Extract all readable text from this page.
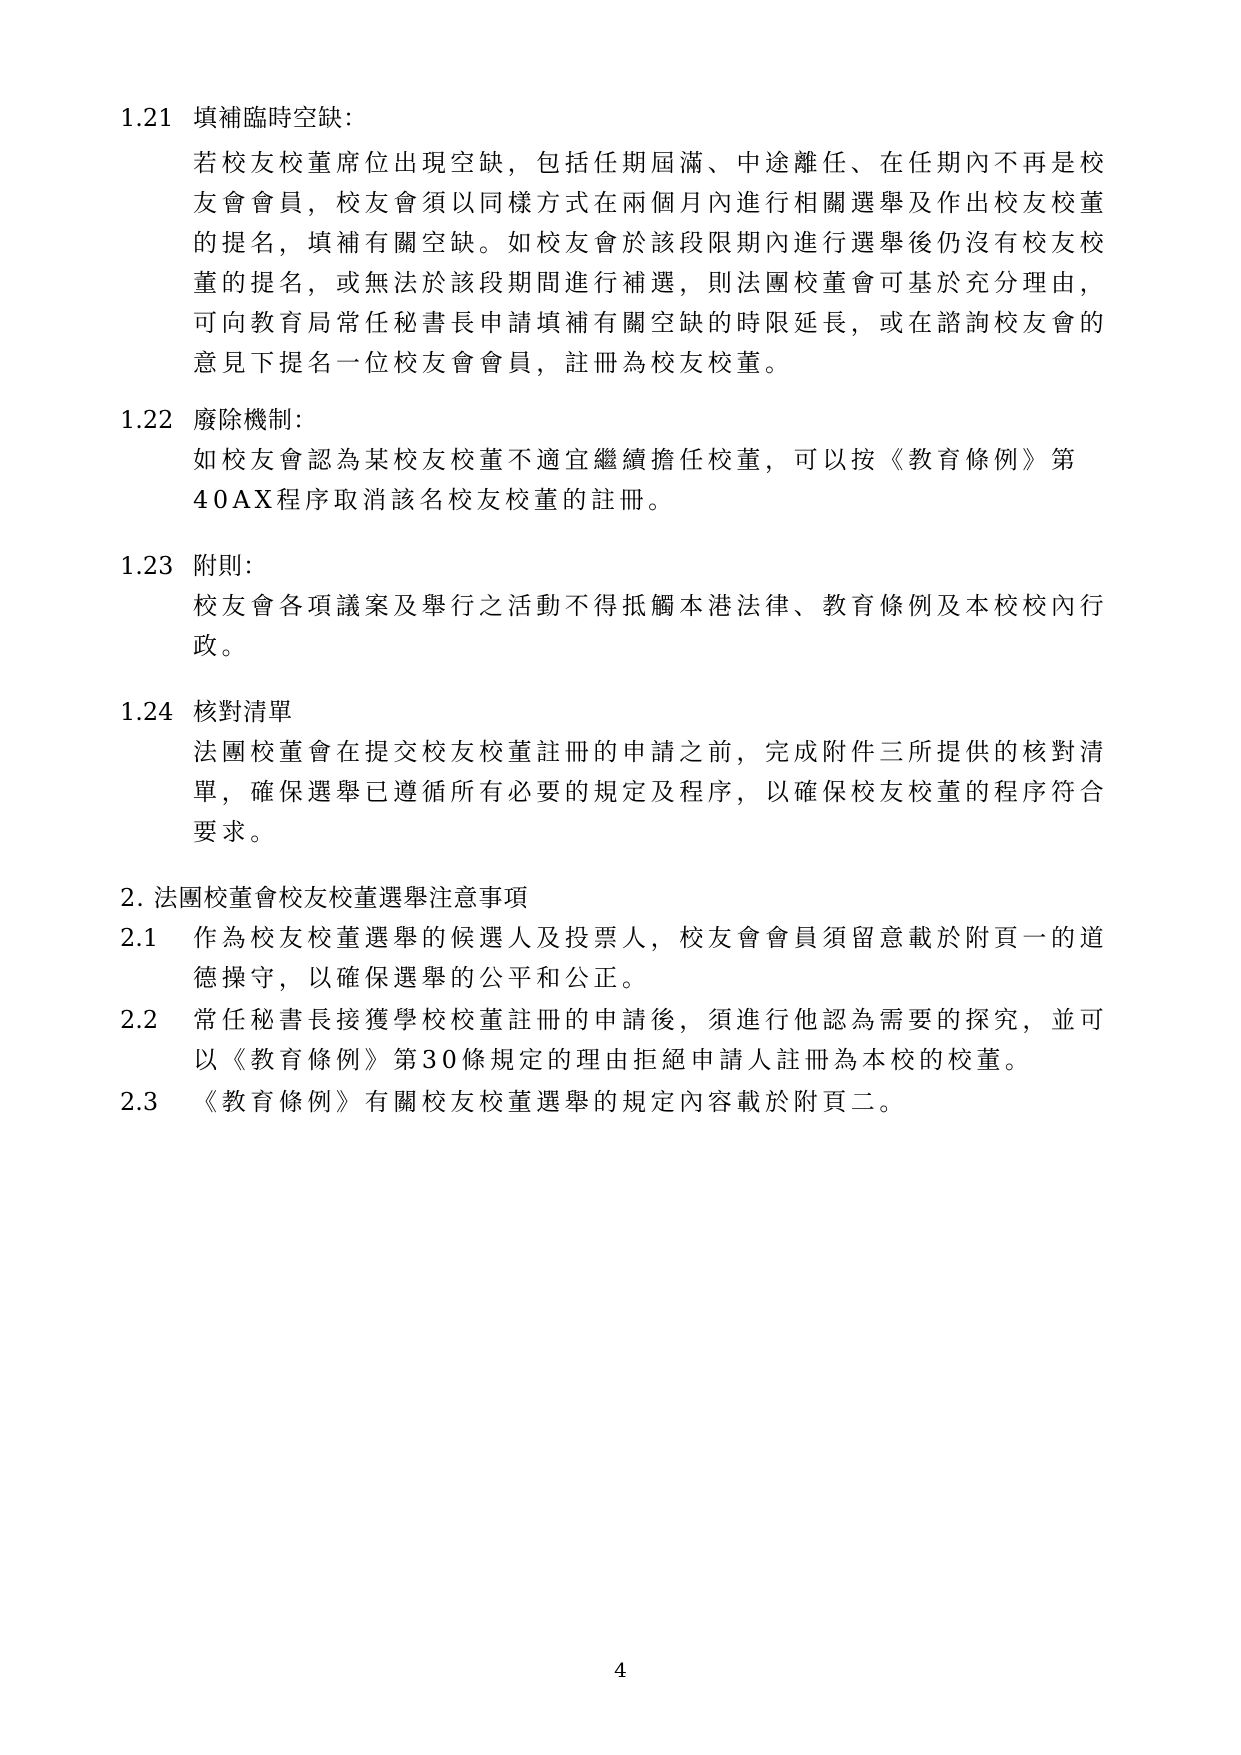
1.21 填補臨時空缺：
若校友校董席位出現空缺，包括任期屆滿、中途離任、在任期內不再是校
友會會員，校友會須以同樣方式在兩個月內進行相關選舉及作出校友校董
的提名，填補有關空缺。如校友會於該段限期內進行選舉後仍沒有校友校
董的提名，或無法於該段期間進行補選，則法團校董會可基於充分理由，
可向教育局常任秘書長申請填補有關空缺的時限延長，或在諮詢校友會的
意見下提名一位校友會會員，註冊為校友校董。
1.22 廢除機制：
如校友會認為某校友校董不適宜繼續擔任校董，可以按《教育條例》第
40AX程序取消該名校友校董的註冊。
1.23 附則：
校友會各項議案及舉行之活動不得抵觸本港法律、教育條例及本校校內行
政。
1.24 核對清單
法團校董會在提交校友校董註冊的申請之前，完成附件三所提供的核對清
單，確保選舉已遵循所有必要的規定及程序，以確保校友校董的程序符合
要求。
2. 法團校董會校友校董選舉注意事項
2.1 作為校友校董選舉的候選人及投票人，校友會會員須留意載於附頁一的道
德操守，以確保選舉的公平和公正。
2.2 常任秘書長接獲學校校董註冊的申請後，須進行他認為需要的探究，並可
以《教育條例》第30條規定的理由拒絕申請人註冊為本校的校董。
2.3 《教育條例》有關校友校董選舉的規定內容載於附頁二。
4
